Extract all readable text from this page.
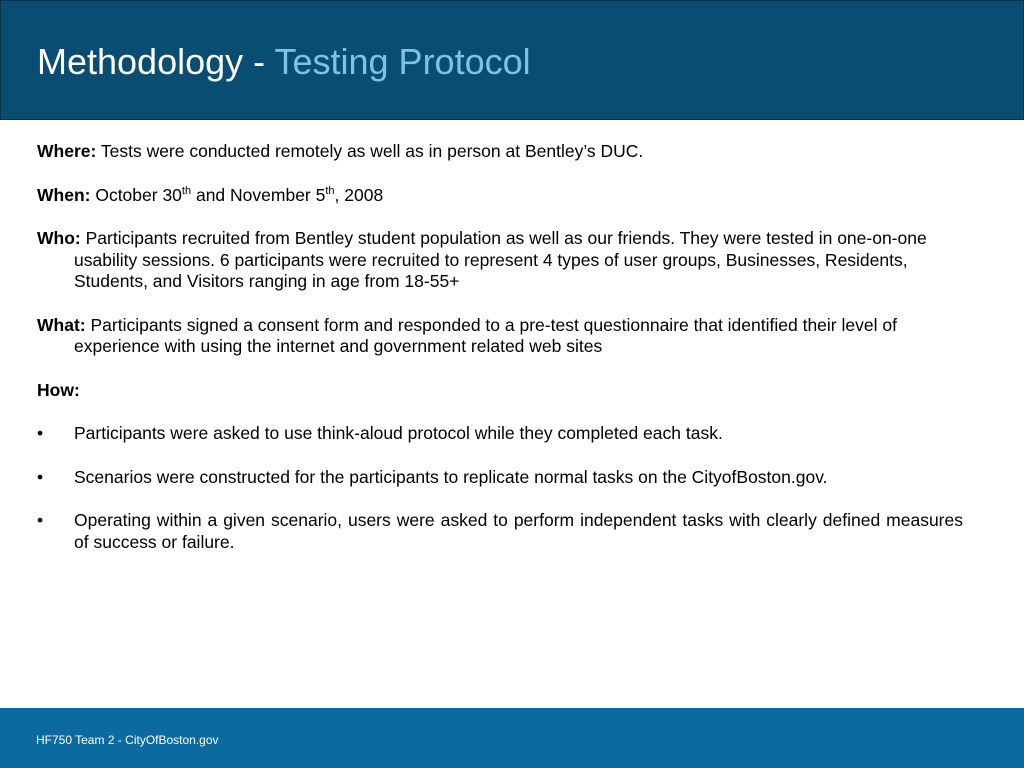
Methodology - Testing Protocol

Where: Tests were conducted remotely as well as in person at Bentley’s DUC.

When: October 30th and November 5th, 2008

Who: Participants recruited from Bentley student population as well as our friends. They were tested in one-on-one usability sessions. 6 participants were recruited to represent 4 types of user groups, Businesses, Residents, Students, and Visitors ranging in age from 18-55+

What: Participants signed a consent form and responded to a pre-test questionnaire that identified their level of experience with using the internet and government related web sites

How:

• Participants were asked to use think-aloud protocol while they completed each task.
• Scenarios were constructed for the participants to replicate normal tasks on the CityofBoston.gov.
• Operating within a given scenario, users were asked to perform independent tasks with clearly defined measures of success or failure.
HF750 Team 2 - CityOfBoston.gov
